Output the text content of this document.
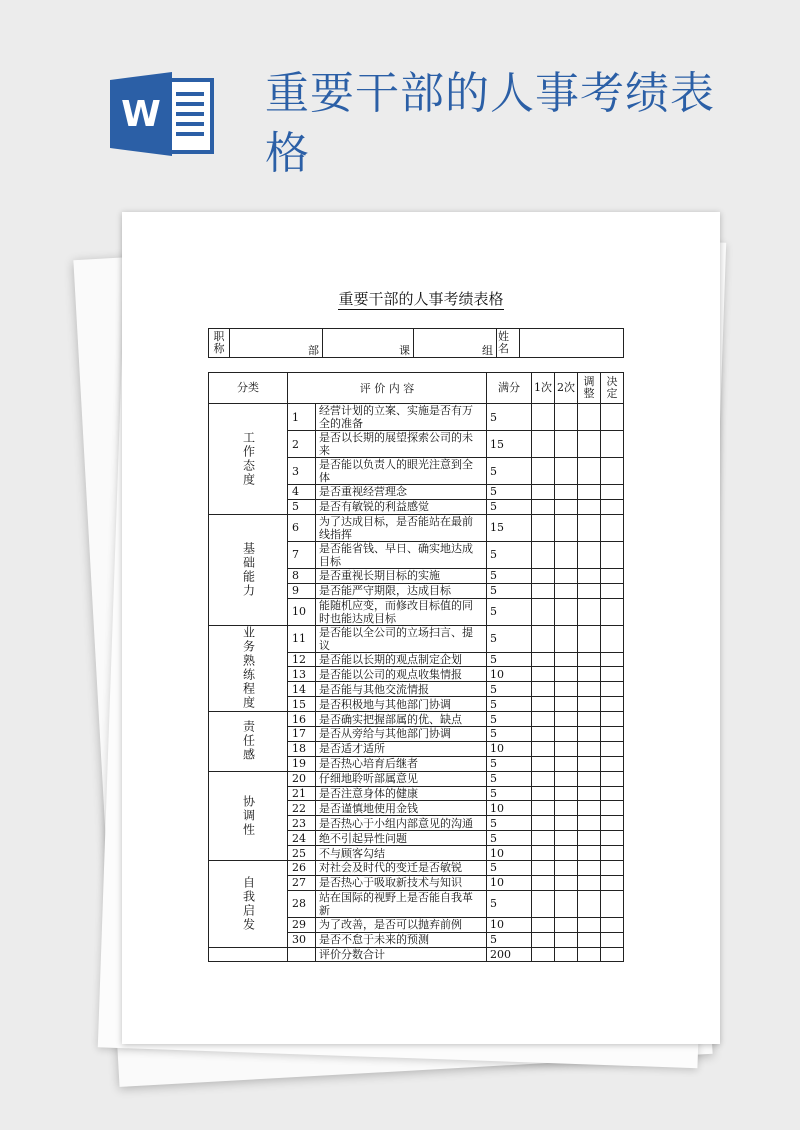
W 重要干部的人事考绩表格
重要干部的人事考绩表格
职称	部	课	组	姓名	
分类	评 价 内 容		满分	1次	2次	调整	决定
工作态度	1	经营计划的立案、实施是否有万全的准备	5				
	2	是否以长期的展望探索公司的未来	15				
	3	是否能以负责人的眼光注意到全体	5				
	4	是否重视经营理念	5				
	5	是否有敏锐的利益感觉	5				
基础能力	6	为了达成目标，是否能站在最前线指挥	15				
	7	是否能省钱、早日、确实地达成目标	5				
	8	是否重视长期目标的实施	5				
	9	是否能严守期限，达成目标	5				
	10	能随机应变，而修改目标值的同时也能达成目标	5				
业务熟练程度	11	是否能以全公司的立场扫言、提议	5				
	12	是否能以长期的观点制定企划	5				
	13	是否能以公司的观点收集情报	10				
	14	是否能与其他交流情报	5				
	15	是否积极地与其他部门协调	5				
责任感	16	是否确实把握部属的优、缺点	5				
	17	是否从旁给与其他部门协调	5				
	18	是否适才适所	10				
	19	是否热心培育后继者	5				
协调性	20	仔细地聆听部属意见	5				
	21	是否注意身体的健康	5				
	22	是否谨慎地使用金钱	10				
	23	是否热心于小组内部意见的沟通	5				
	24	绝不引起异性问题	5				
	25	不与顾客勾结	10				
自我启发	26	对社会及时代的变迁是否敏锐	5				
	27	是否热心于吸取新技术与知识	10				
	28	站在国际的视野上是否能自我革新	5				
	29	为了改善，是否可以抛弃前例	10				
	30	是否不怠于未来的预测	5				
		评价分数合计	200				
